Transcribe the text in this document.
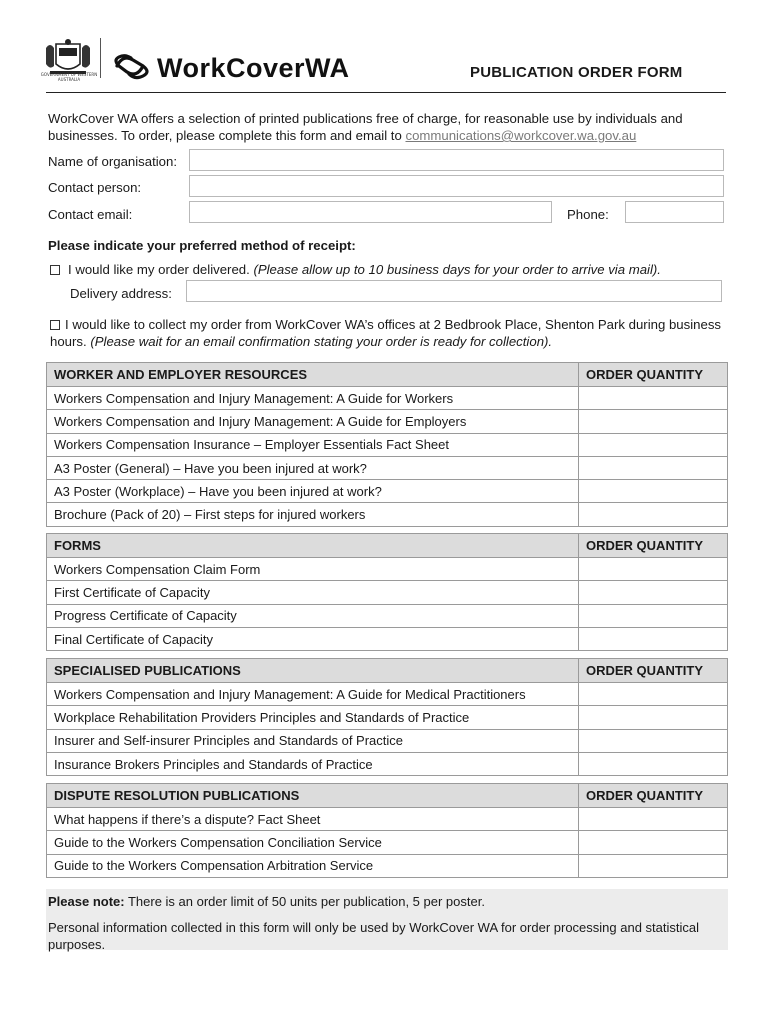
GOVERNMENT OF WESTERN AUSTRALIA	WorkCoverWA	PUBLICATION ORDER FORM
WorkCover WA offers a selection of printed publications free of charge, for reasonable use by individuals and businesses. To order, please complete this form and email to communications@workcover.wa.gov.au
Name of organisation:
Contact person:
Contact email:	Phone:
Please indicate your preferred method of receipt:
I would like my order delivered. (Please allow up to 10 business days for your order to arrive via mail).
Delivery address:
I would like to collect my order from WorkCover WA’s offices at 2 Bedbrook Place, Shenton Park during business hours. (Please wait for an email confirmation stating your order is ready for collection).
WORKER AND EMPLOYER RESOURCES	ORDER QUANTITY
Workers Compensation and Injury Management: A Guide for Workers	
Workers Compensation and Injury Management: A Guide for Employers	
Workers Compensation Insurance – Employer Essentials Fact Sheet	
A3 Poster (General) – Have you been injured at work?	
A3 Poster (Workplace) – Have you been injured at work?	
Brochure (Pack of 20) – First steps for injured workers	
FORMS	ORDER QUANTITY
Workers Compensation Claim Form	
First Certificate of Capacity	
Progress Certificate of Capacity	
Final Certificate of Capacity	
SPECIALISED PUBLICATIONS	ORDER QUANTITY
Workers Compensation and Injury Management: A Guide for Medical Practitioners	
Workplace Rehabilitation Providers Principles and Standards of Practice	
Insurer and Self-insurer Principles and Standards of Practice	
Insurance Brokers Principles and Standards of Practice	
DISPUTE RESOLUTION PUBLICATIONS	ORDER QUANTITY
What happens if there’s a dispute? Fact Sheet	
Guide to the Workers Compensation Conciliation Service	
Guide to the Workers Compensation Arbitration Service	
Please note: There is an order limit of 50 units per publication, 5 per poster.
Personal information collected in this form will only be used by WorkCover WA for order processing and statistical purposes.
